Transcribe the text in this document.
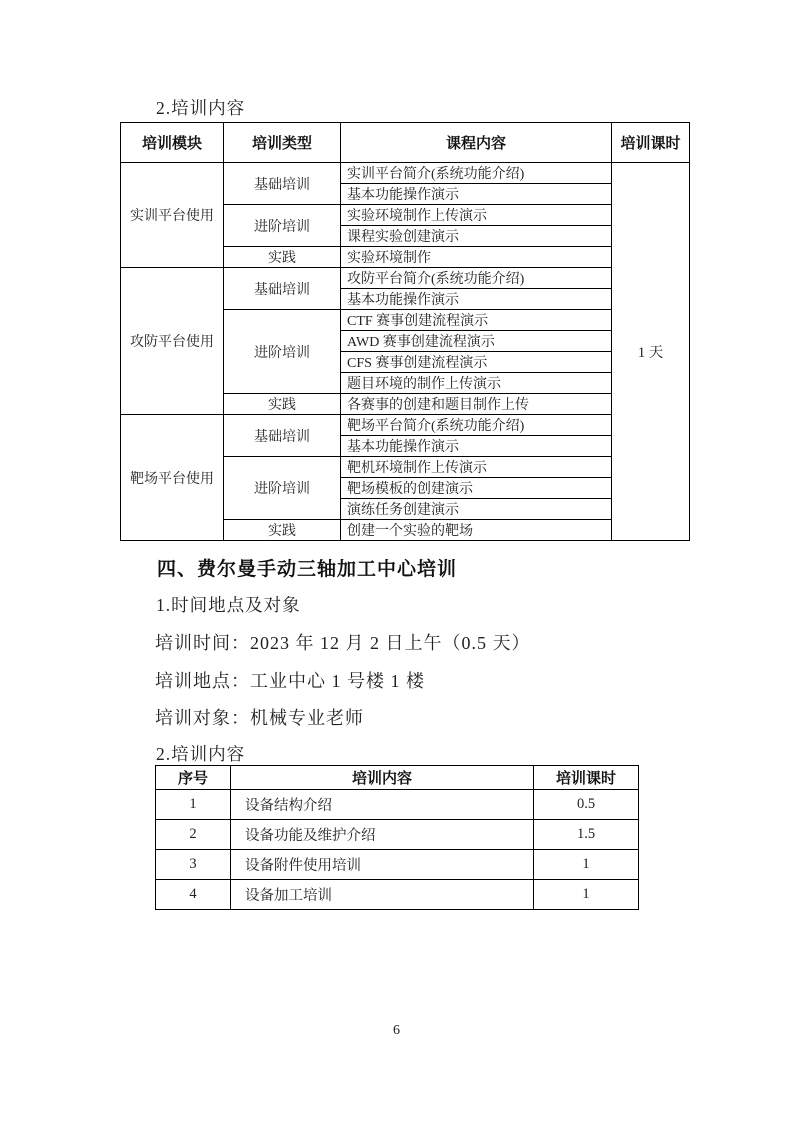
2.培训内容
培训模块	培训类型	课程内容	培训课时
实训平台使用	基础培训	实训平台简介(系统功能介绍)	1 天
		基本功能操作演示	
	进阶培训	实验环境制作上传演示	
		课程实验创建演示	
	实践	实验环境制作	
攻防平台使用	基础培训	攻防平台简介(系统功能介绍)	
		基本功能操作演示	
	进阶培训	CTF 赛事创建流程演示	
		AWD 赛事创建流程演示	
		CFS 赛事创建流程演示	
		题目环境的制作上传演示	
	实践	各赛事的创建和题目制作上传	
靶场平台使用	基础培训	靶场平台简介(系统功能介绍)	
		基本功能操作演示	
	进阶培训	靶机环境制作上传演示	
		靶场模板的创建演示	
		演练任务创建演示	
	实践	创建一个实验的靶场	
四、费尔曼手动三轴加工中心培训
1.时间地点及对象
培训时间：2023 年 12 月 2 日上午（0.5 天）
培训地点：工业中心 1 号楼 1 楼
培训对象：机械专业老师
2.培训内容
序号	培训内容	培训课时
1	设备结构介绍	0.5
2	设备功能及维护介绍	1.5
3	设备附件使用培训	1
4	设备加工培训	1
6
